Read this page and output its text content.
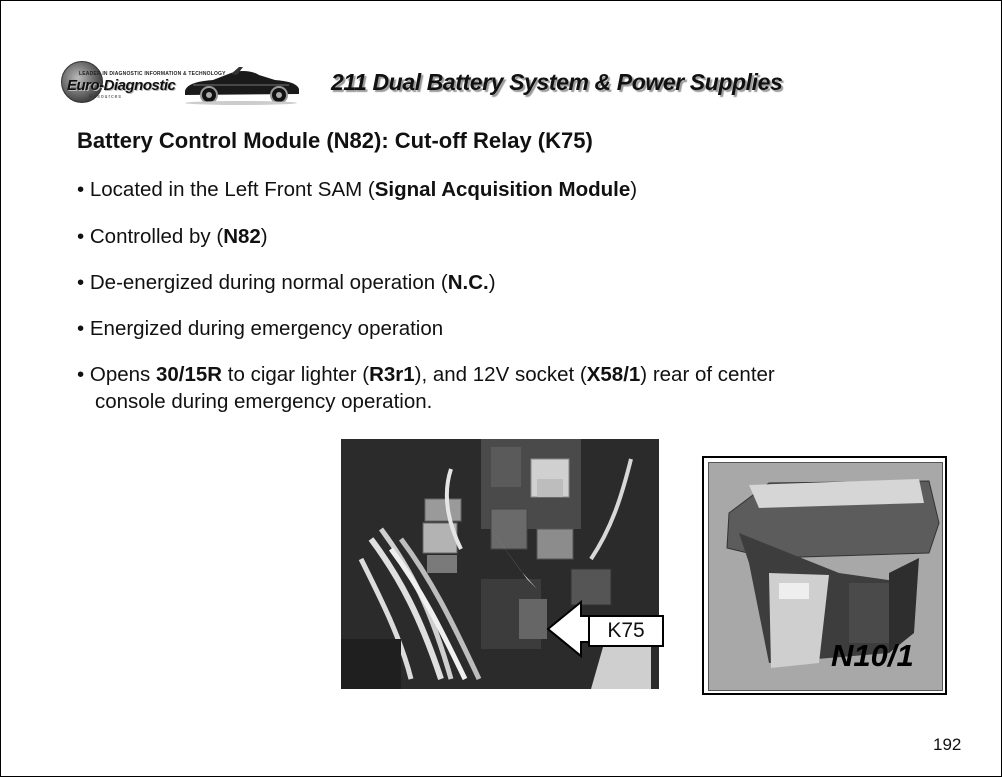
LEADER IN DIAGNOSTIC INFORMATION & TECHNOLOGY
Euro-Diagnostic
Resources
211 Dual Battery System & Power Supplies
Battery Control Module (N82): Cut-off Relay (K75)
• Located in the Left Front SAM (Signal Acquisition Module)
• Controlled by (N82)
• De-energized during normal operation (N.C.)
• Energized during emergency operation
• Opens 30/15R to cigar lighter (R3r1), and 12V socket (X58/1) rear of center
console during emergency operation.
K75
N10/1
192
